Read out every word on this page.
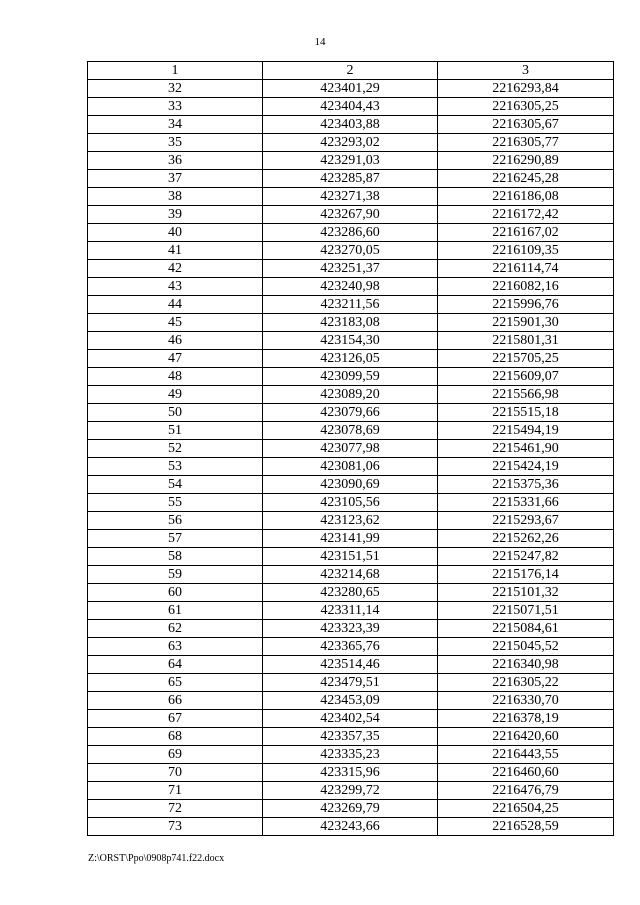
14
1	2	3
32	423401,29	2216293,84
33	423404,43	2216305,25
34	423403,88	2216305,67
35	423293,02	2216305,77
36	423291,03	2216290,89
37	423285,87	2216245,28
38	423271,38	2216186,08
39	423267,90	2216172,42
40	423286,60	2216167,02
41	423270,05	2216109,35
42	423251,37	2216114,74
43	423240,98	2216082,16
44	423211,56	2215996,76
45	423183,08	2215901,30
46	423154,30	2215801,31
47	423126,05	2215705,25
48	423099,59	2215609,07
49	423089,20	2215566,98
50	423079,66	2215515,18
51	423078,69	2215494,19
52	423077,98	2215461,90
53	423081,06	2215424,19
54	423090,69	2215375,36
55	423105,56	2215331,66
56	423123,62	2215293,67
57	423141,99	2215262,26
58	423151,51	2215247,82
59	423214,68	2215176,14
60	423280,65	2215101,32
61	423311,14	2215071,51
62	423323,39	2215084,61
63	423365,76	2215045,52
64	423514,46	2216340,98
65	423479,51	2216305,22
66	423453,09	2216330,70
67	423402,54	2216378,19
68	423357,35	2216420,60
69	423335,23	2216443,55
70	423315,96	2216460,60
71	423299,72	2216476,79
72	423269,79	2216504,25
73	423243,66	2216528,59
Z:\ORST\Ppo\0908p741.f22.docx
